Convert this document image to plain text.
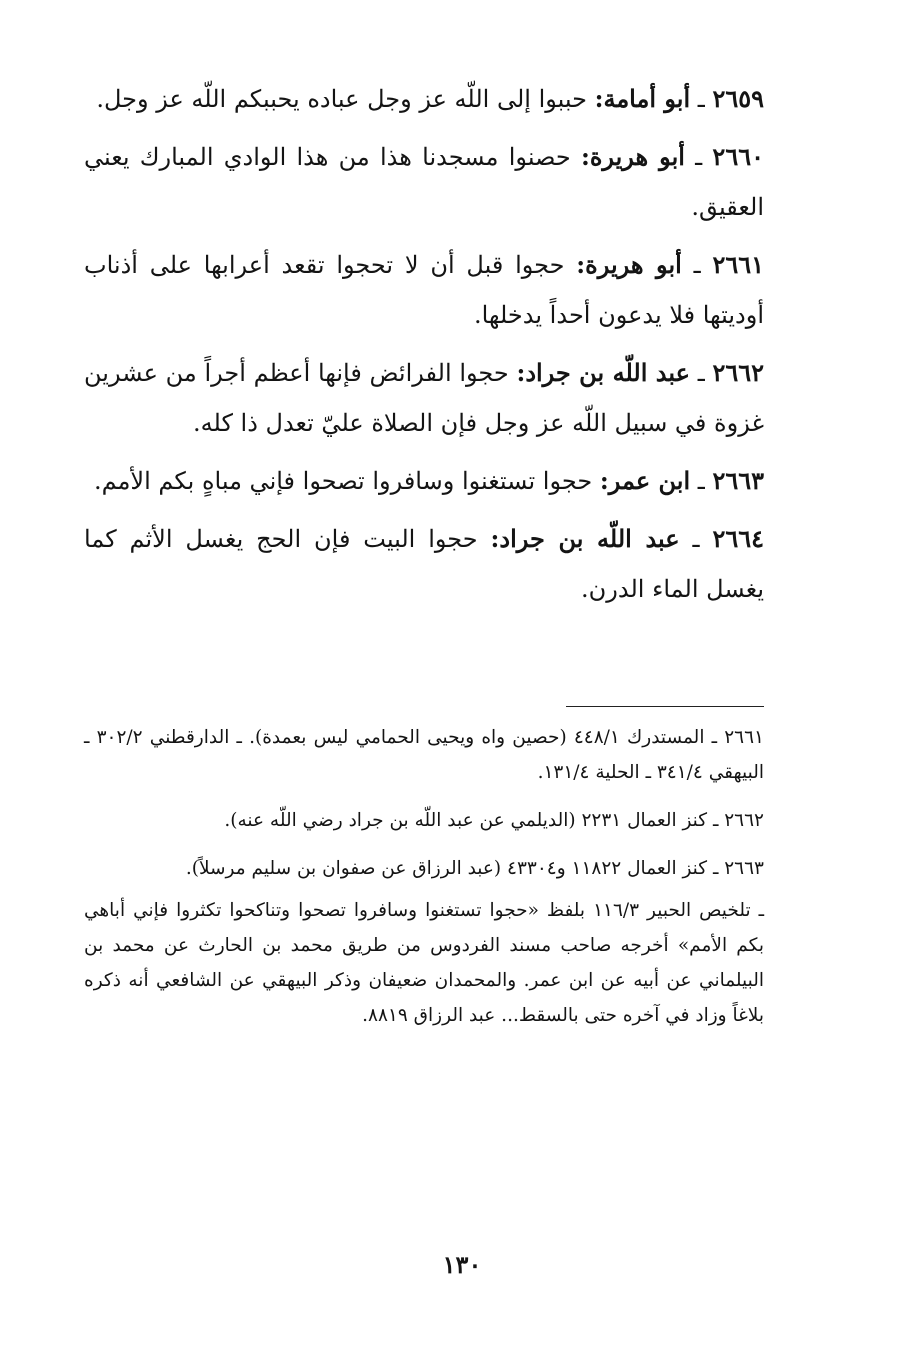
٢٦٥٩ ـ أبو أمامة: حببوا إلى اللّه عز وجل عباده يحببكم اللّه عز وجل.

٢٦٦٠ ـ أبو هريرة: حصنوا مسجدنا هذا من هذا الوادي المبارك يعني العقيق.

٢٦٦١ ـ أبو هريرة: حجوا قبل أن لا تحجوا تقعد أعرابها على أذناب أوديتها فلا يدعون أحداً يدخلها.

٢٦٦٢ ـ عبد اللّه بن جراد: حجوا الفرائض فإنها أعظم أجراً من عشرين غزوة في سبيل اللّه عز وجل فإن الصلاة عليّ تعدل ذا كله.

٢٦٦٣ ـ ابن عمر: حجوا تستغنوا وسافروا تصحوا فإني مباهٍ بكم الأمم.

٢٦٦٤ ـ عبد اللّه بن جراد: حجوا البيت فإن الحج يغسل الأثم كما يغسل الماء الدرن.

٢٦٦١ ـ المستدرك ٤٤٨/١ (حصين واه ويحيى الحمامي ليس بعمدة). ـ الدارقطني ٣٠٢/٢ ـ البيهقي ٣٤١/٤ ـ الحلية ١٣١/٤.

٢٦٦٢ ـ كنز العمال ٢٢٣١ (الديلمي عن عبد اللّه بن جراد رضي اللّه عنه).

٢٦٦٣ ـ كنز العمال ١١٨٢٢ و٤٣٣٠٤ (عبد الرزاق عن صفوان بن سليم مرسلاً).

ـ تلخيص الحبير ١١٦/٣ بلفظ «حجوا تستغنوا وسافروا تصحوا وتناكحوا تكثروا فإني أباهي بكم الأمم» أخرجه صاحب مسند الفردوس من طريق محمد بن الحارث عن محمد بن البيلماني عن أبيه عن ابن عمر. والمحمدان ضعيفان وذكر البيهقي عن الشافعي أنه ذكره بلاغاً وزاد في آخره حتى بالسقط... عبد الرزاق ٨٨١٩.

١٣٠
